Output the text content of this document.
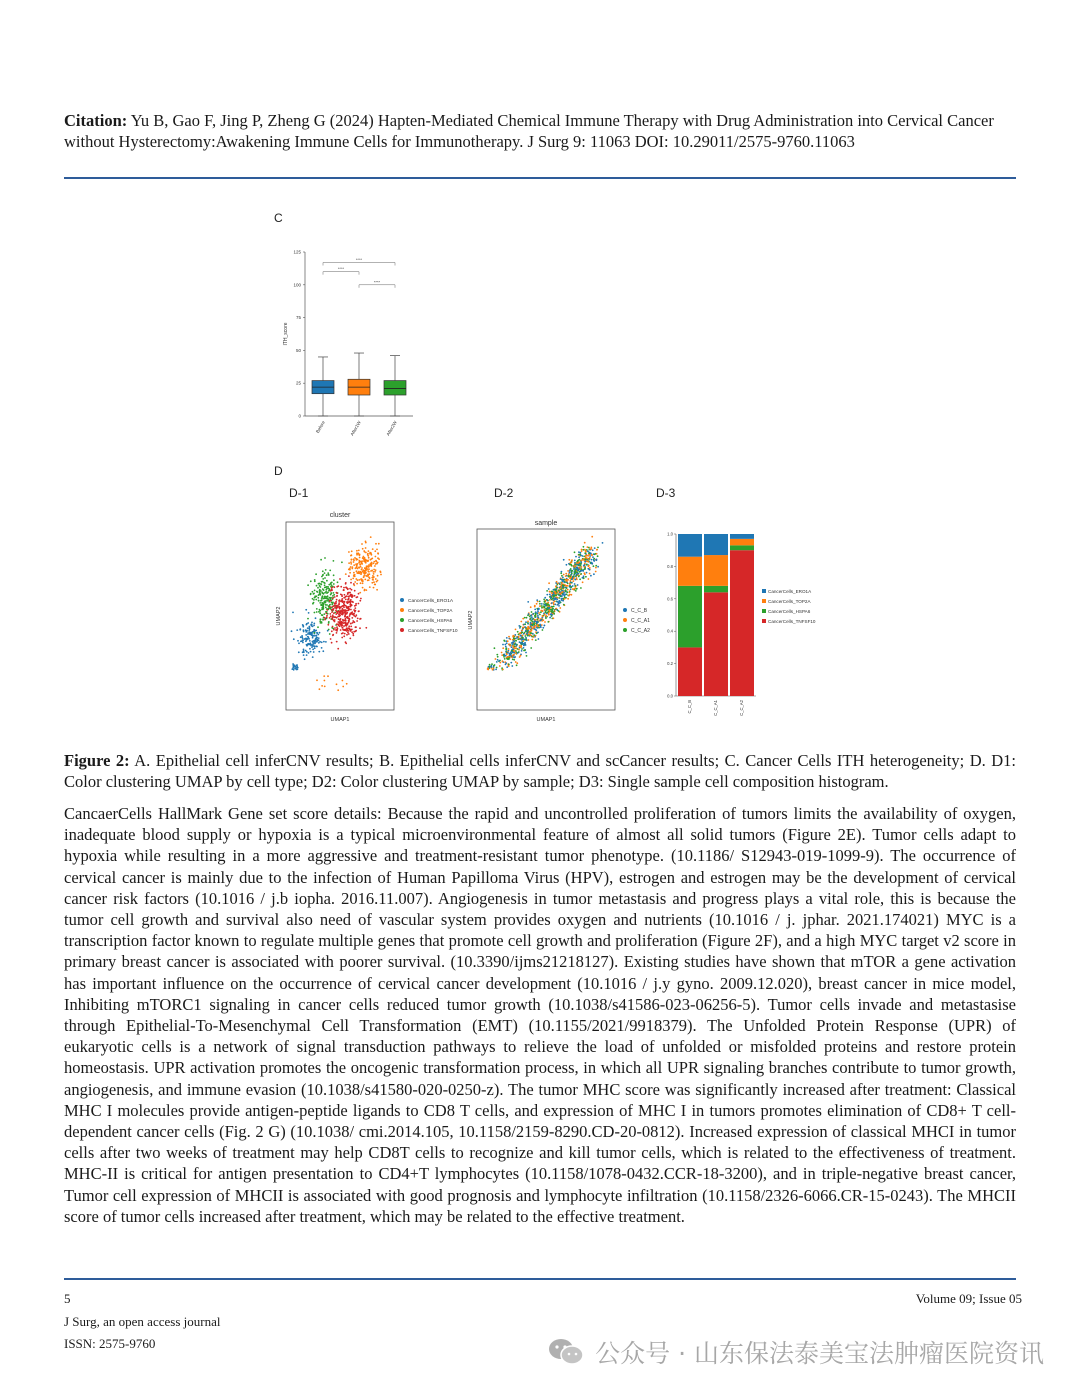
Citation: Yu B, Gao F, Jing P, Zheng G (2024) Hapten-Mediated Chemical Immune Therapy with Drug Administration into Cervical Cancer without Hysterectomy:Awakening Immune Cells for Immunotherapy. J Surg 9: 11063 DOI: 10.29011/2575-9760.11063
C
0
25
50
75
100
125
ITH_score
Before	After1W	After2W
****
****
****
D
D-1	D-2	D-3
cluster
UMAP1
UMAP2
CancerCells_ERO1A
CancerCells_TOP2A
CancerCells_HSPA6
CancerCells_TNFSF10
sample
UMAP1
UMAP2	C_C_B
C_C_A1
C_C_A2
0.0
0.2
0.4
0.6
0.8
1.0
C_C_B	C_C_A1	C_C_A2
CancerCells_ERO1A
CancerCells_TOP2A
CancerCells_HSPA6
CancerCells_TNFSF10
Figure 2: A. Epithelial cell inferCNV results; B. Epithelial cells inferCNV and scCancer results; C. Cancer Cells ITH heterogeneity; D. D1: Color clustering UMAP by cell type; D2: Color clustering UMAP by sample; D3: Single sample cell composition histogram.
CancaerCells HallMark Gene set score details: Because the rapid and uncontrolled proliferation of tumors limits the availability of oxygen, inadequate blood supply or hypoxia is a typical microenvironmental feature of almost all solid tumors (Figure 2E). Tumor cells adapt to hypoxia while resulting in a more aggressive and treatment-resistant tumor phenotype. (10.1186/ S12943-019-1099-9). The occurrence of cervical cancer is mainly due to the infection of Human Papilloma Virus (HPV), estrogen and estrogen may be the development of cervical cancer risk factors (10.1016 / j.b iopha. 2016.11.007). Angiogenesis in tumor metastasis and progress plays a vital role, this is because the tumor cell growth and survival also need of vascular system provides oxygen and nutrients (10.1016 / j. jphar. 2021.174021) MYC is a transcription factor known to regulate multiple genes that promote cell growth and proliferation (Figure 2F), and a high MYC target v2 score in primary breast cancer is associated with poorer survival. (10.3390/ijms21218127). Existing studies have shown that mTOR a gene activation has important influence on the occurrence of cervical cancer development (10.1016 / j.y gyno. 2009.12.020), breast cancer in mice model, Inhibiting mTORC1 signaling in cancer cells reduced tumor growth (10.1038/s41586-023-06256-5). Tumor cells invade and metastasise through Epithelial-To-Mesenchymal Cell Transformation (EMT) (10.1155/2021/9918379). The Unfolded Protein Response (UPR) of eukaryotic cells is a network of signal transduction pathways to relieve the load of unfolded or misfolded proteins and restore protein homeostasis. UPR activation promotes the oncogenic transformation process, in which all UPR signaling branches contribute to tumor growth, angiogenesis, and immune evasion (10.1038/s41580-020-0250-z). The tumor MHC score was significantly increased after treatment: Classical MHC I molecules provide antigen-peptide ligands to CD8 T cells, and expression of MHC I in tumors promotes elimination of CD8+ T cell-dependent cancer cells (Fig. 2 G) (10.1038/ cmi.2014.105, 10.1158/2159-8290.CD-20-0812). Increased expression of classical MHCI in tumor cells after two weeks of treatment may help CD8T cells to recognize and kill tumor cells, which is related to the effectiveness of treatment. MHC-II is critical for antigen presentation to CD4+T lymphocytes (10.1158/1078-0432.CCR-18-3200), and in triple-negative breast cancer, Tumor cell expression of MHCII is associated with good prognosis and lymphocyte infiltration (10.1158/2326-6066.CR-15-0243). The MHCII score of tumor cells increased after treatment, which may be related to the effective treatment.
5	Volume 09; Issue 05
J Surg, an open access journal
ISSN: 2575-9760	公众号 · 山东保法泰美宝法肿瘤医院资讯
